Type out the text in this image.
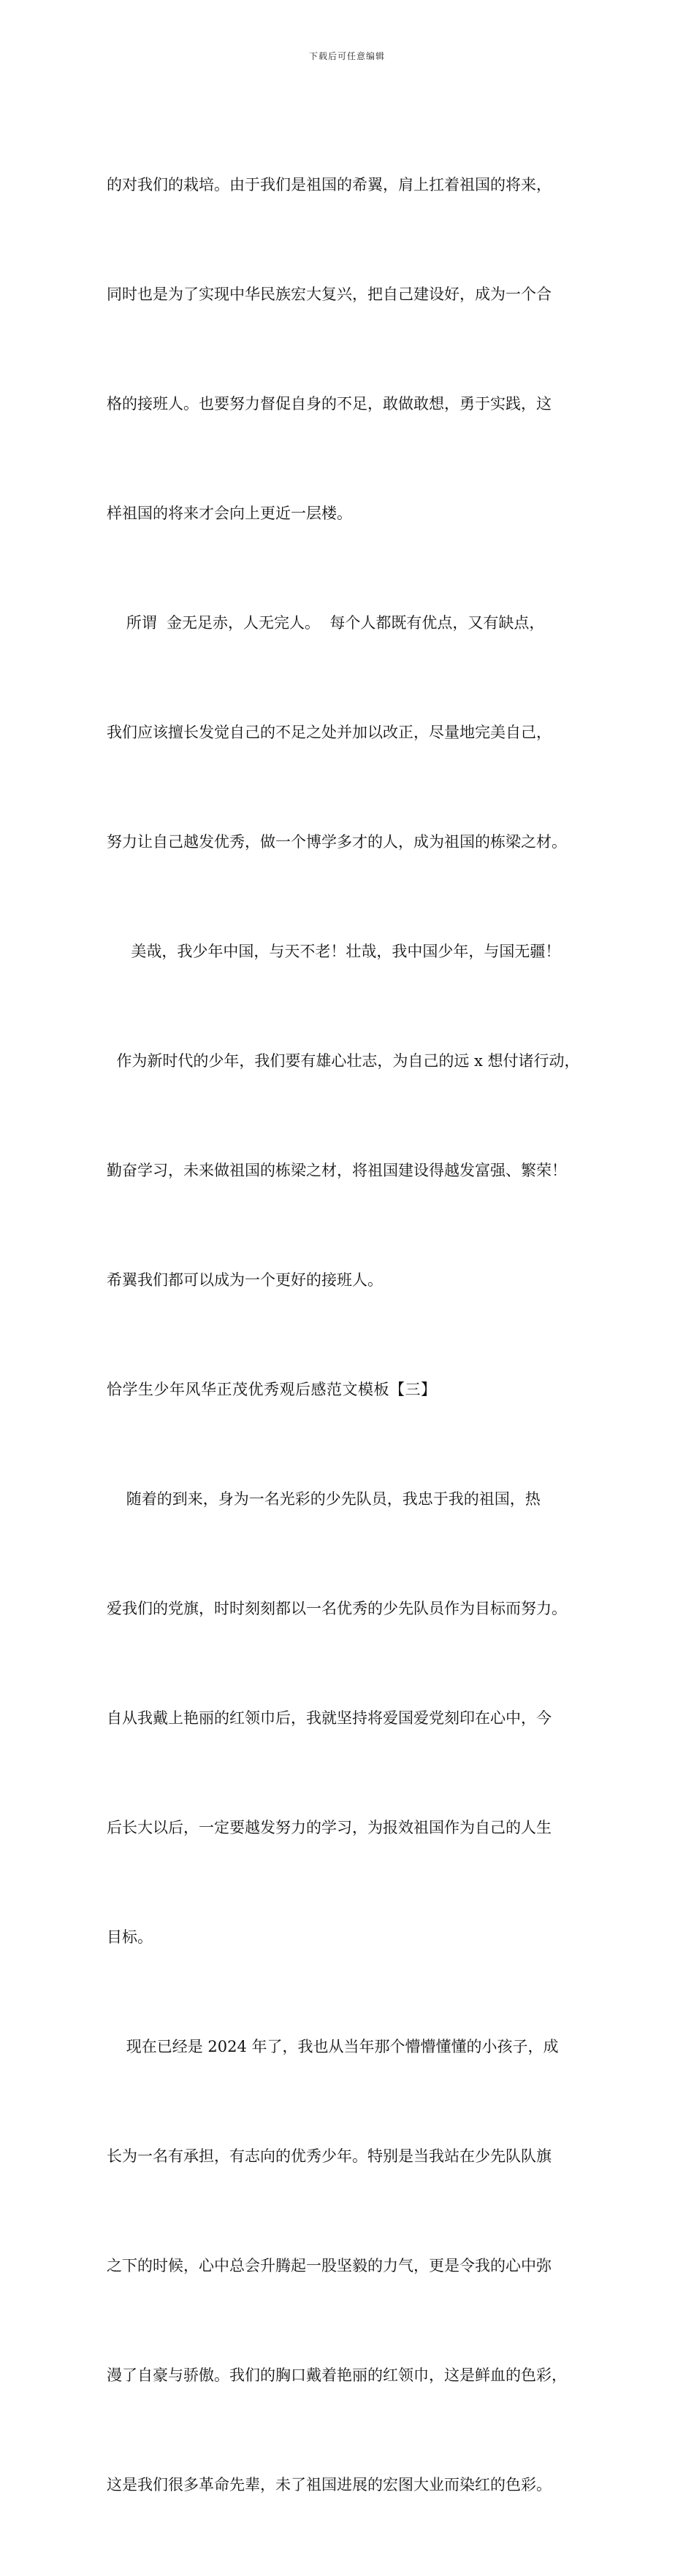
下载后可任意编辑

的对我们的栽培。由于我们是祖国的希翼，肩上扛着祖国的将来，

同时也是为了实现中华民族宏大复兴，把自己建设好，成为一个合

格的接班人。也要努力督促自身的不足，敢做敢想，勇于实践，这

样祖国的将来才会向上更近一层楼。

所谓  金无足赤，人无完人。  每个人都既有优点，又有缺点，

我们应该擅长发觉自己的不足之处并加以改正，尽量地完美自己，

努力让自己越发优秀，做一个博学多才的人，成为祖国的栋梁之材。

美哉，我少年中国，与天不老！壮哉，我中国少年，与国无疆！

作为新时代的少年，我们要有雄心壮志，为自己的远 x 想付诸行动，

勤奋学习，未来做祖国的栋梁之材，将祖国建设得越发富强、繁荣！

希翼我们都可以成为一个更好的接班人。

恰学生少年风华正茂优秀观后感范文模板【三】

随着的到来，身为一名光彩的少先队员，我忠于我的祖国，热

爱我们的党旗，时时刻刻都以一名优秀的少先队员作为目标而努力。

自从我戴上艳丽的红领巾后，我就坚持将爱国爱党刻印在心中，今

后长大以后，一定要越发努力的学习，为报效祖国作为自己的人生

目标。

现在已经是 2024 年了，我也从当年那个懵懵懂懂的小孩子，成

长为一名有承担，有志向的优秀少年。特别是当我站在少先队队旗

之下的时候，心中总会升腾起一股坚毅的力气，更是令我的心中弥

漫了自豪与骄傲。我们的胸口戴着艳丽的红领巾，这是鲜血的色彩，

这是我们很多革命先辈，未了祖国进展的宏图大业而染红的色彩。
